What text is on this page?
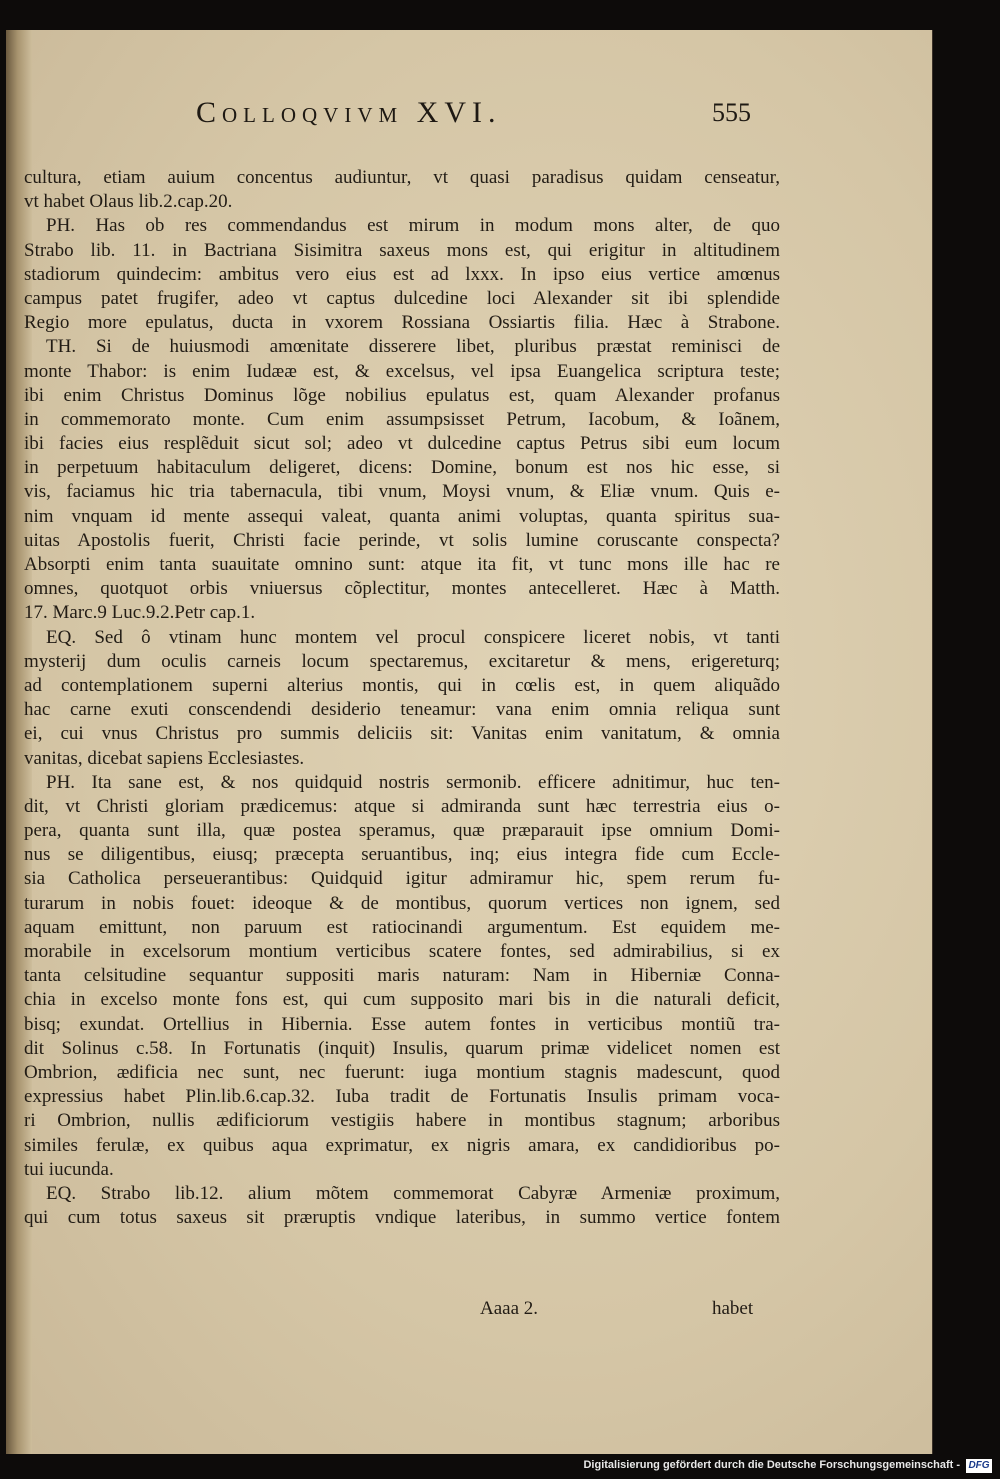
Colloqvivm XVI.	555
cultura, etiam auium concentus audiuntur, vt quasi paradisus quidam censeatur,
vt habet Olaus lib.2.cap.20.
PH. Has ob res commendandus est mirum in modum mons alter, de quo
Strabo lib. 11. in Bactriana Sisimitra saxeus mons est, qui erigitur in altitudinem
stadiorum quindecim: ambitus vero eius est ad lxxx. In ipso eius vertice amœnus
campus patet frugifer, adeo vt captus dulcedine loci Alexander sit ibi splendide
Regio more epulatus, ducta in vxorem Rossiana Ossiartis filia. Hæc à Strabone.
TH. Si de huiusmodi amœnitate disserere libet, pluribus præstat reminisci de
monte Thabor: is enim Iudææ est, & excelsus, vel ipsa Euangelica scriptura teste;
ibi enim Christus Dominus lõge nobilius epulatus est, quam Alexander profanus
in commemorato monte. Cum enim assumpsisset Petrum, Iacobum, & Ioãnem,
ibi facies eius resplẽduit sicut sol; adeo vt dulcedine captus Petrus sibi eum locum
in perpetuum habitaculum deligeret, dicens: Domine, bonum est nos hic esse, si
vis, faciamus hic tria tabernacula, tibi vnum, Moysi vnum, & Eliæ vnum. Quis e-
nim vnquam id mente assequi valeat, quanta animi voluptas, quanta spiritus sua-
uitas Apostolis fuerit, Christi facie perinde, vt solis lumine coruscante conspecta?
Absorpti enim tanta suauitate omnino sunt: atque ita fit, vt tunc mons ille hac re
omnes, quotquot orbis vniuersus cõplectitur, montes antecelleret. Hæc à Matth.
17. Marc.9 Luc.9.2.Petr cap.1.
EQ. Sed ô vtinam hunc montem vel procul conspicere liceret nobis, vt tanti
mysterij dum oculis carneis locum spectaremus, excitaretur & mens, erigereturq;
ad contemplationem superni alterius montis, qui in cœlis est, in quem aliquãdo
hac carne exuti conscendendi desiderio teneamur: vana enim omnia reliqua sunt
ei, cui vnus Christus pro summis deliciis sit: Vanitas enim vanitatum, & omnia
vanitas, dicebat sapiens Ecclesiastes.
PH. Ita sane est, & nos quidquid nostris sermonib. efficere adnitimur, huc ten-
dit, vt Christi gloriam prædicemus: atque si admiranda sunt hæc terrestria eius o-
pera, quanta sunt illa, quæ postea speramus, quæ præparauit ipse omnium Domi-
nus se diligentibus, eiusq; præcepta seruantibus, inq; eius integra fide cum Eccle-
sia Catholica perseuerantibus: Quidquid igitur admiramur hic, spem rerum fu-
turarum in nobis fouet: ideoque & de montibus, quorum vertices non ignem, sed
aquam emittunt, non paruum est ratiocinandi argumentum. Est equidem me-
morabile in excelsorum montium verticibus scatere fontes, sed admirabilius, si ex
tanta celsitudine sequantur suppositi maris naturam: Nam in Hiberniæ Conna-
chia in excelso monte fons est, qui cum supposito mari bis in die naturali deficit,
bisq; exundat. Ortellius in Hibernia. Esse autem fontes in verticibus montiũ tra-
dit Solinus c.58. In Fortunatis (inquit) Insulis, quarum primæ videlicet nomen est
Ombrion, ædificia nec sunt, nec fuerunt: iuga montium stagnis madescunt, quod
expressius habet Plin.lib.6.cap.32. Iuba tradit de Fortunatis Insulis primam voca-
ri Ombrion, nullis ædificiorum vestigiis habere in montibus stagnum; arboribus
similes ferulæ, ex quibus aqua exprimatur, ex nigris amara, ex candidioribus po-
tui iucunda.
EQ. Strabo lib.12. alium mõtem commemorat Cabyræ Armeniæ proximum,
qui cum totus saxeus sit præruptis vndique lateribus, in summo vertice fontem
Aaaa 2.	habet
Digitalisierung gefördert durch die Deutsche Forschungsgemeinschaft - DFG
